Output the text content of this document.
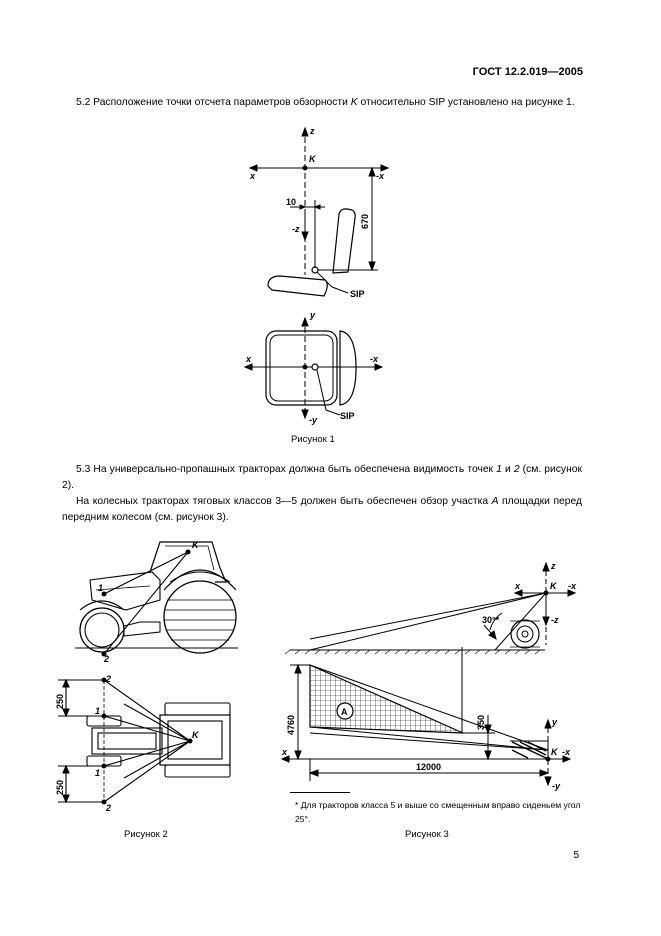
ГОСТ 12.2.019—2005
5.2 Расположение точки отсчета параметров обзорности K относительно SIP установлено на рисунке 1.
z
x	-x
K
10
-z	670
SIP
y
x	-x
-y	SIP
Рисунок 1
5.3 На универсально-пропашных тракторах должна быть обеспечена видимость точек 1 и 2 (см. рисунок 2).
На колесных тракторах тяговых классов 3—5 должен быть обеспечен обзор участка A площадки перед передним колесом (см. рисунок 3).
K
1
2
K
2
1
1
2
250
250
Рисунок 2
z
x	-x
K
-z
30°*
4760	350
12000
A
y
x	-x
K
-y
* Для тракторов класса 5 и выше со смещенным вправо сиденьем угол 25°.
Рисунок 3
5
